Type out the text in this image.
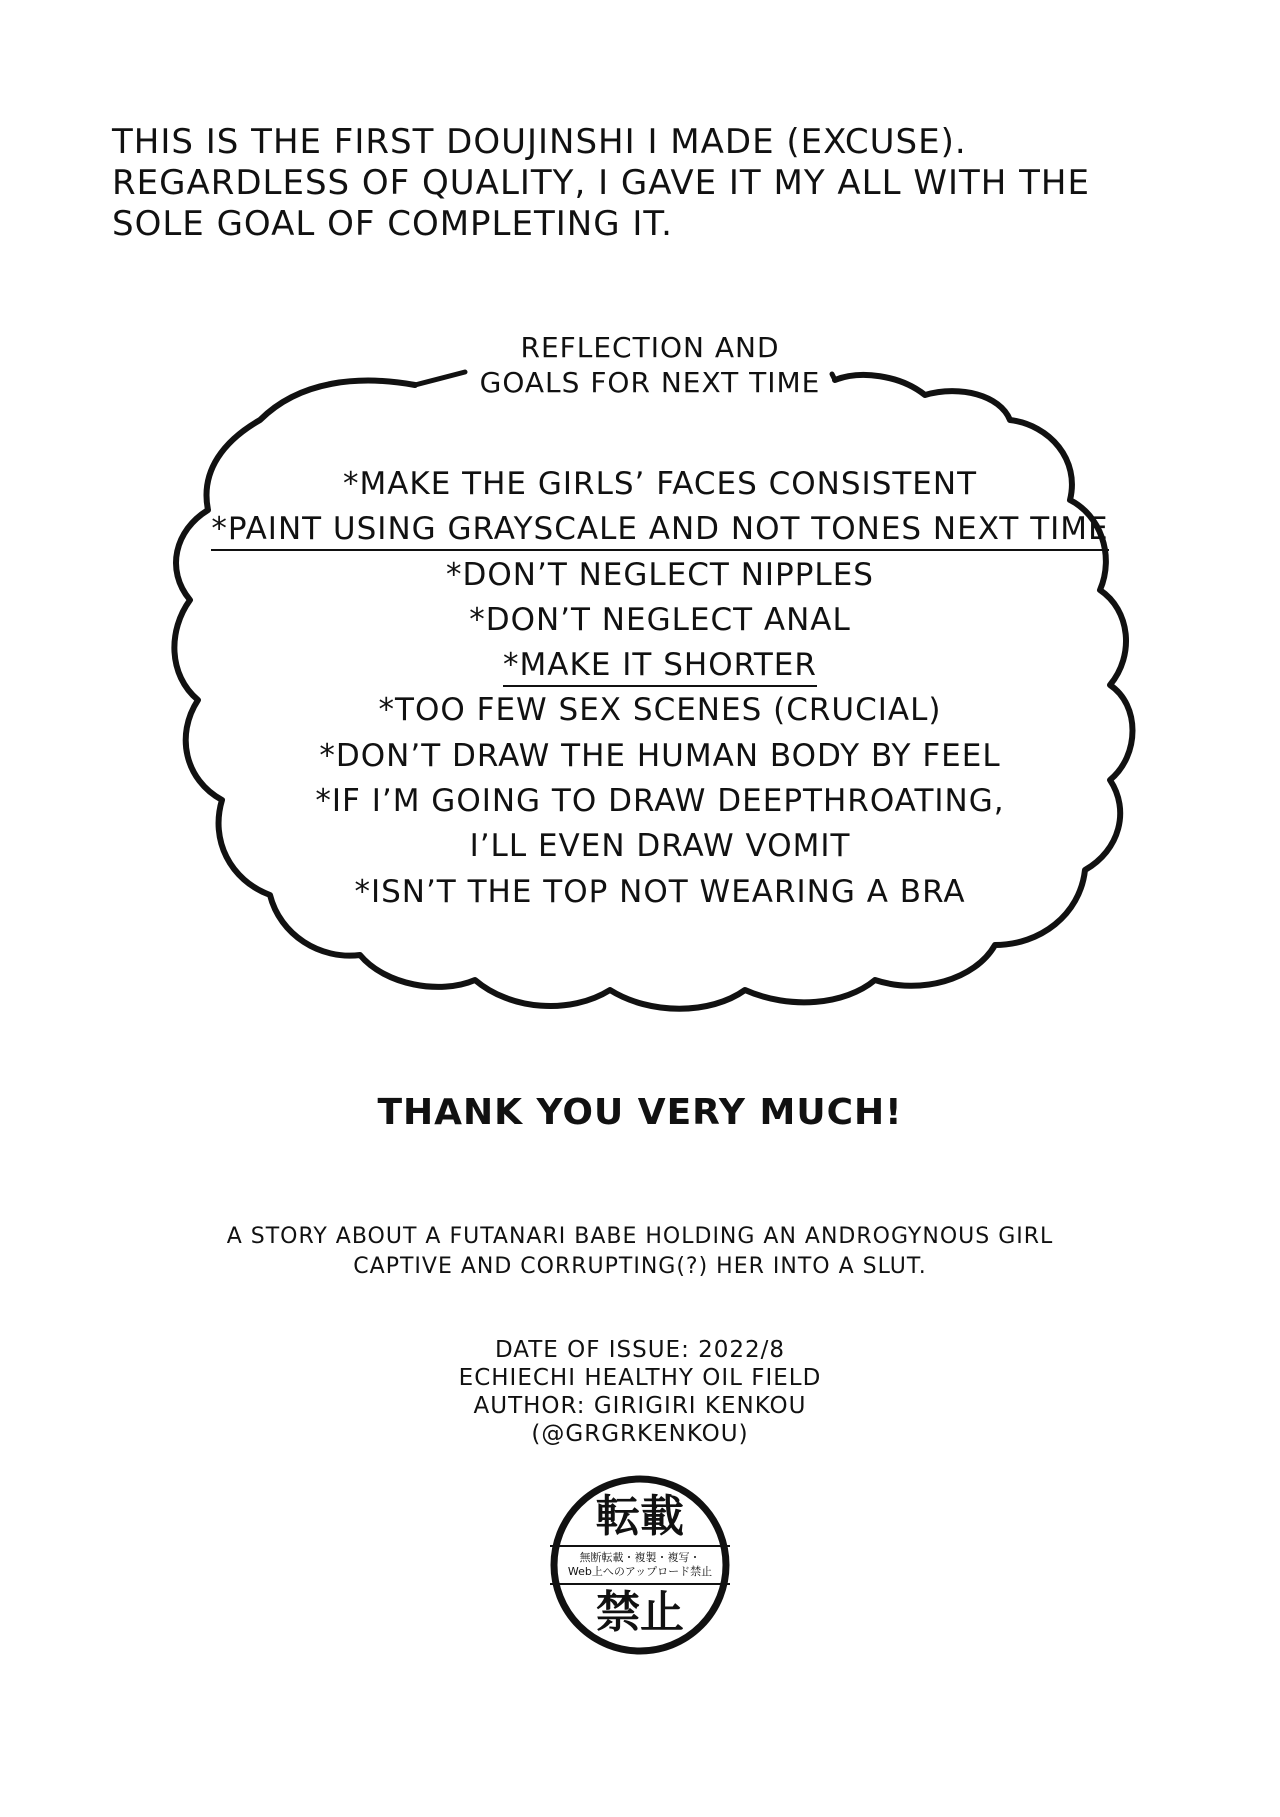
THIS IS THE FIRST DOUJINSHI I MADE (EXCUSE).
REGARDLESS OF QUALITY, I GAVE IT MY ALL WITH THE
SOLE GOAL OF COMPLETING IT.
REFLECTION AND
GOALS FOR NEXT TIME
*MAKE THE GIRLS’ FACES CONSISTENT
*PAINT USING GRAYSCALE AND NOT TONES NEXT TIME
*DON’T NEGLECT NIPPLES
*DON’T NEGLECT ANAL
*MAKE IT SHORTER
*TOO FEW SEX SCENES (CRUCIAL)
*DON’T DRAW THE HUMAN BODY BY FEEL
*IF I’M GOING TO DRAW DEEPTHROATING,
I’LL EVEN DRAW VOMIT
*ISN’T THE TOP NOT WEARING A BRA
THANK YOU VERY MUCH!
A STORY ABOUT A FUTANARI BABE HOLDING AN ANDROGYNOUS GIRL
CAPTIVE AND CORRUPTING(?) HER INTO A SLUT.
DATE OF ISSUE: 2022/8
ECHIECHI HEALTHY OIL FIELD
AUTHOR: GIRIGIRI KENKOU
(@GRGRKENKOU)
転載
無断転載・複製・複写・
Web上へのアップロード禁止
禁止
